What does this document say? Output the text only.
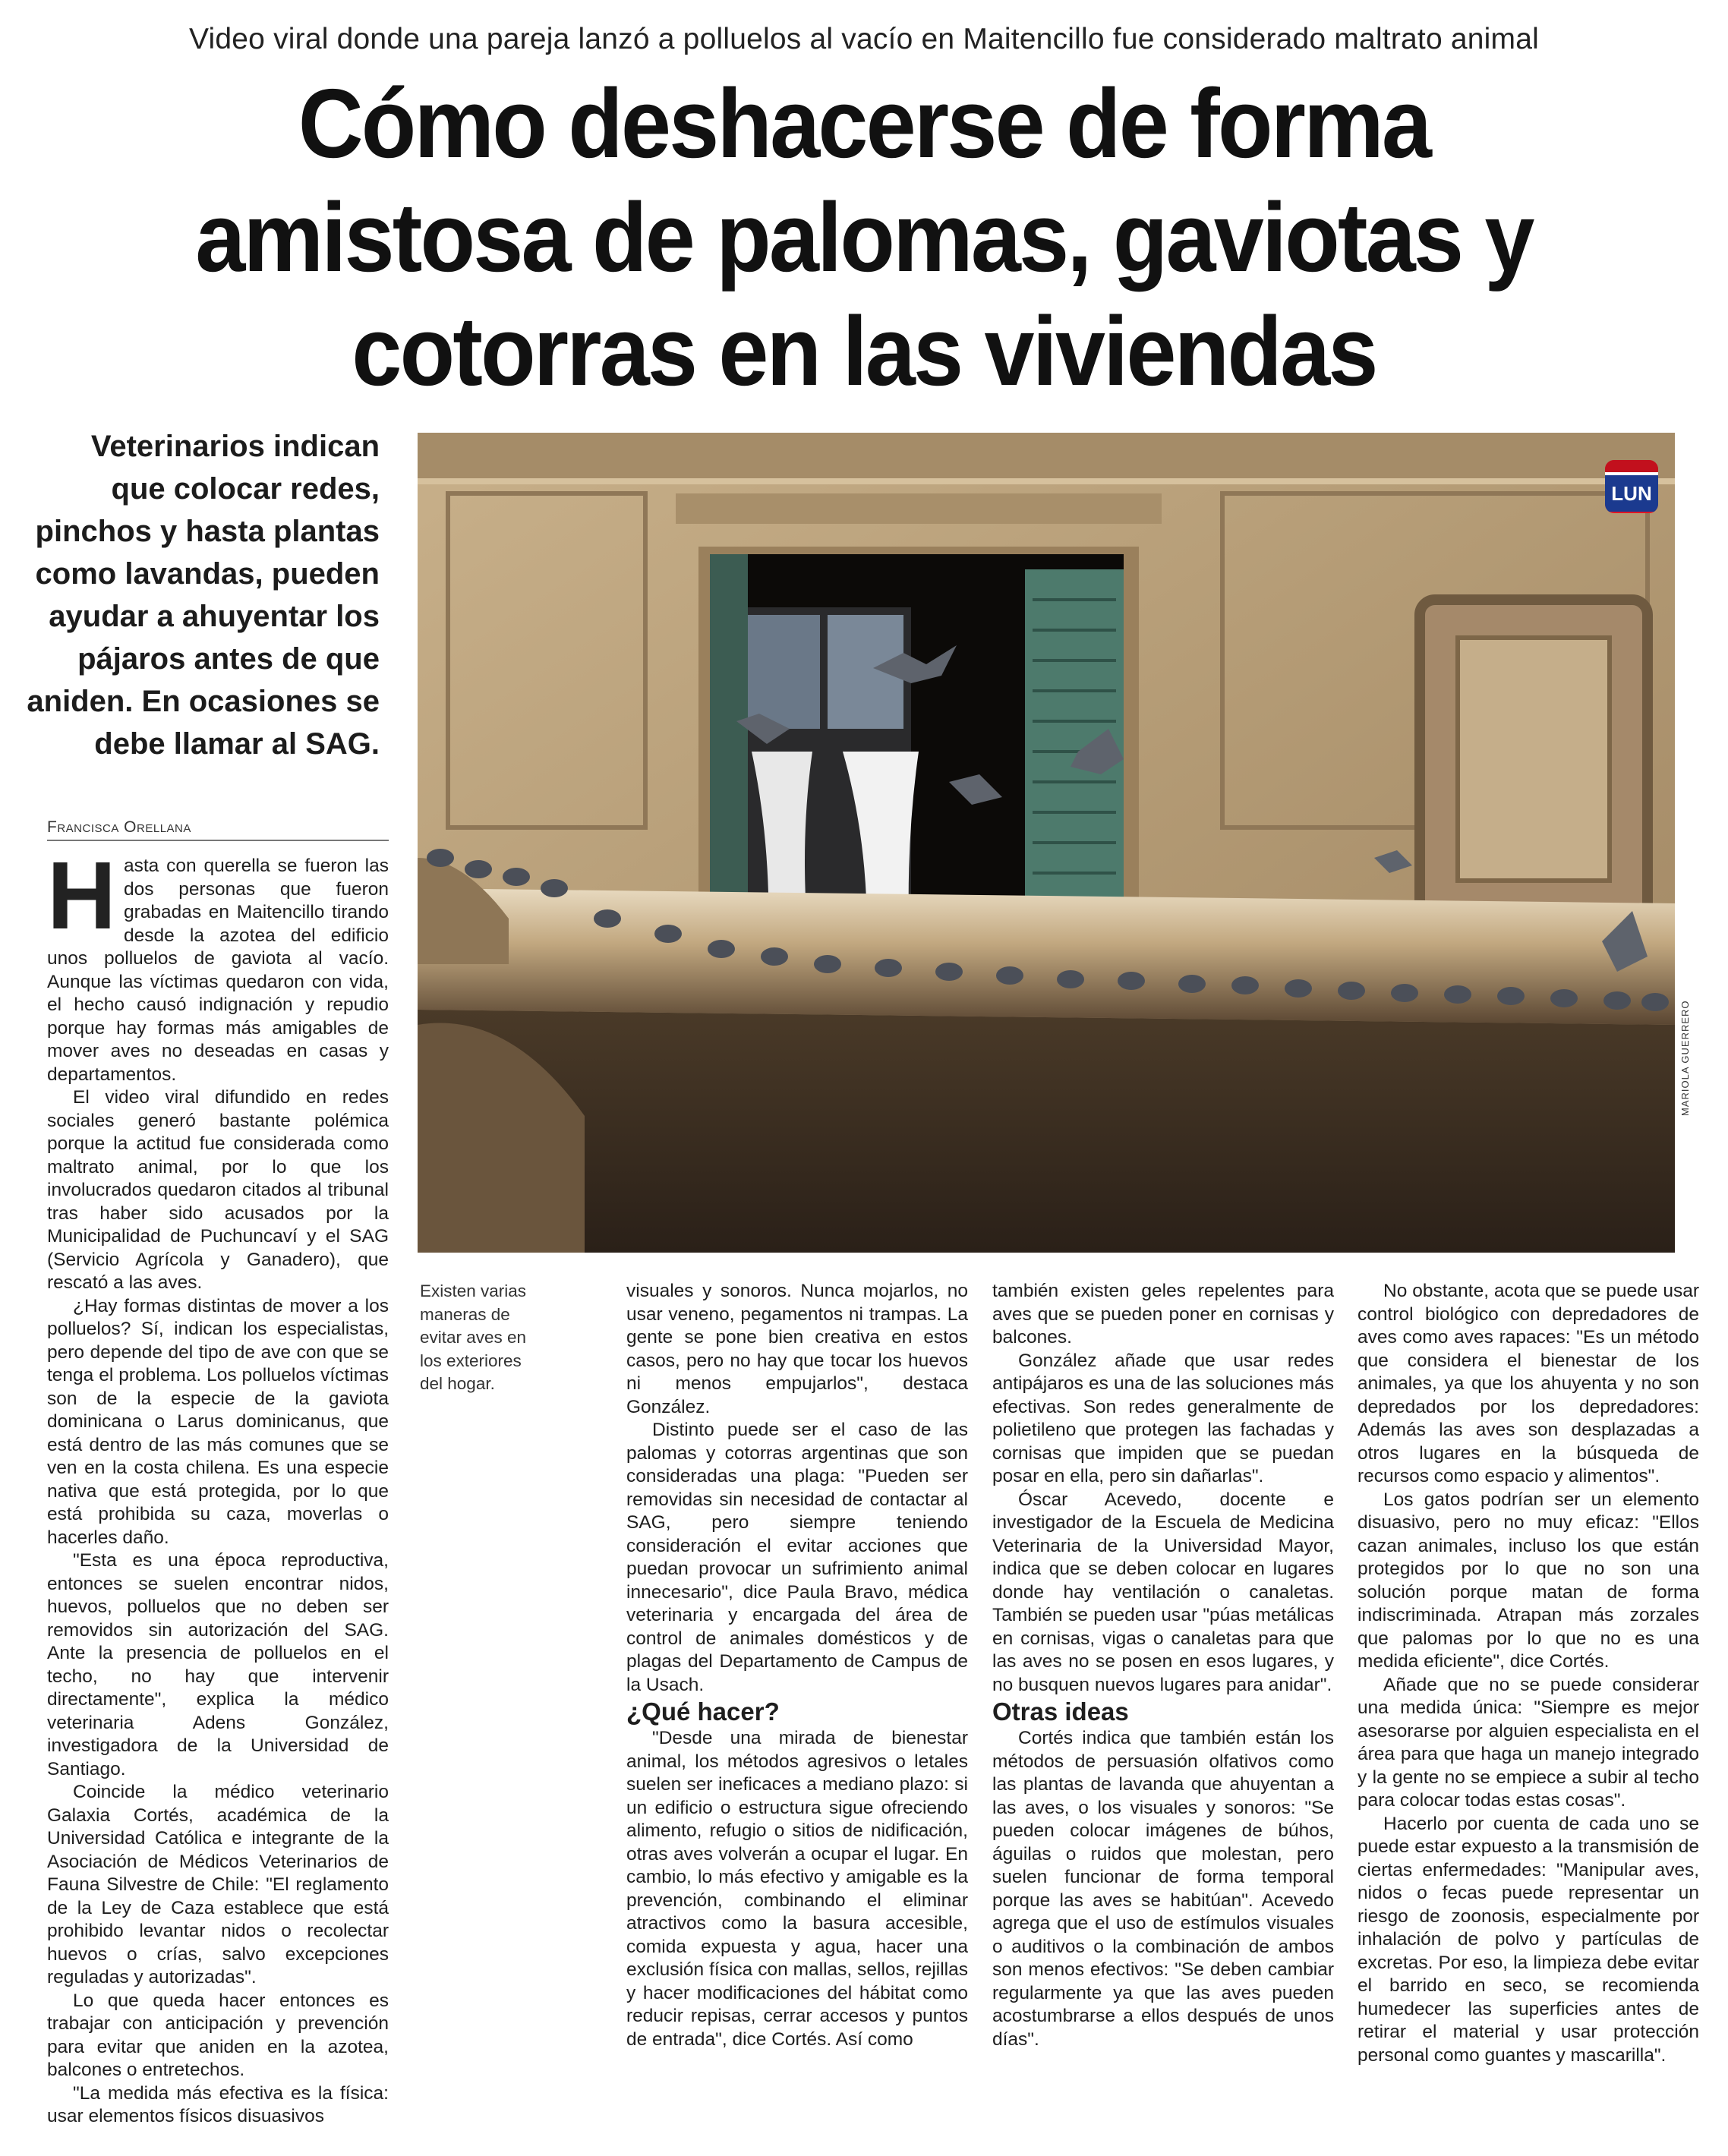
Video viral donde una pareja lanzó a polluelos al vacío en Maitencillo fue considerado maltrato animal
Cómo deshacerse de forma
amistosa de palomas, gaviotas y
cotorras en las viviendas
Veterinarios indican
que colocar redes,
pinchos y hasta plantas
como lavandas, pueden
ayudar a ahuyentar los
pájaros antes de que
aniden. En ocasiones se
debe llamar al SAG.
Francisca Orellana
LUN
MARIOLA GUERRERO
Existen varias maneras de evitar aves en los exteriores del hogar.

Hasta con querella se fueron las dos personas que fueron grabadas en Maitencillo tirando desde la azotea del edificio unos polluelos de gaviota al vacío. Aunque las víctimas quedaron con vida, el hecho causó indignación y repudio porque hay formas más amigables de mover aves no deseadas en casas y departamentos.

El video viral difundido en redes sociales generó bastante polémica porque la actitud fue considerada como maltrato animal, por lo que los involucrados quedaron citados al tribunal tras haber sido acusados por la Municipalidad de Puchuncaví y el SAG (Servicio Agrícola y Ganadero), que rescató a las aves.

¿Hay formas distintas de mover a los polluelos? Sí, indican los especialistas, pero depende del tipo de ave con que se tenga el problema. Los polluelos víctimas son de la especie de la gaviota dominicana o Larus dominicanus, que está dentro de las más comunes que se ven en la costa chilena. Es una especie nativa que está protegida, por lo que está prohibida su caza, moverlas o hacerles daño.

"Esta es una época reproductiva, entonces se suelen encontrar nidos, huevos, polluelos que no deben ser removidos sin autorización del SAG. Ante la presencia de polluelos en el techo, no hay que intervenir directamente", explica la médico veterinaria Adens González, investigadora de la Universidad de Santiago.

Coincide la médico veterinario Galaxia Cortés, académica de la Universidad Católica e integrante de la Asociación de Médicos Veterinarios de Fauna Silvestre de Chile: "El reglamento de la Ley de Caza establece que está prohibido levantar nidos o recolectar huevos o crías, salvo excepciones reguladas y autorizadas".

Lo que queda hacer entonces es trabajar con anticipación y prevención para evitar que aniden en la azotea, balcones o entretechos.

"La medida más efectiva es la física: usar elementos físicos disuasivos

visuales y sonoros. Nunca mojarlos, no usar veneno, pegamentos ni trampas. La gente se pone bien creativa en estos casos, pero no hay que tocar los huevos ni menos empujarlos", destaca González.

Distinto puede ser el caso de las palomas y cotorras argentinas que son consideradas una plaga: "Pueden ser removidas sin necesidad de contactar al SAG, pero siempre teniendo consideración el evitar acciones que puedan provocar un sufrimiento animal innecesario", dice Paula Bravo, médica veterinaria y encargada del área de control de animales domésticos y de plagas del Departamento de Campus de la Usach.

¿Qué hacer?

"Desde una mirada de bienestar animal, los métodos agresivos o letales suelen ser ineficaces a mediano plazo: si un edificio o estructura sigue ofreciendo alimento, refugio o sitios de nidificación, otras aves volverán a ocupar el lugar. En cambio, lo más efectivo y amigable es la prevención, combinando el eliminar atractivos como la basura accesible, comida expuesta y agua, hacer una exclusión física con mallas, sellos, rejillas y hacer modificaciones del hábitat como reducir repisas, cerrar accesos y puntos de entrada", dice Cortés. Así como

también existen geles repelentes para aves que se pueden poner en cornisas y balcones.

González añade que usar redes antipájaros es una de las soluciones más efectivas. Son redes generalmente de polietileno que protegen las fachadas y cornisas que impiden que se puedan posar en ella, pero sin dañarlas".

Óscar Acevedo, docente e investigador de la Escuela de Medicina Veterinaria de la Universidad Mayor, indica que se deben colocar en lugares donde hay ventilación o canaletas. También se pueden usar "púas metálicas en cornisas, vigas o canaletas para que las aves no se posen en esos lugares, y no busquen nuevos lugares para anidar".

Otras ideas

Cortés indica que también están los métodos de persuasión olfativos como las plantas de lavanda que ahuyentan a las aves, o los visuales y sonoros: "Se pueden colocar imágenes de búhos, águilas o ruidos que molestan, pero suelen funcionar de forma temporal porque las aves se habitúan". Acevedo agrega que el uso de estímulos visuales o auditivos o la combinación de ambos son menos efectivos: "Se deben cambiar regularmente ya que las aves pueden acostumbrarse a ellos después de unos días".

No obstante, acota que se puede usar control biológico con depredadores de aves como aves rapaces: "Es un método que considera el bienestar de los animales, ya que los ahuyenta y no son depredados por los depredadores: Además las aves son desplazadas a otros lugares en la búsqueda de recursos como espacio y alimentos".

Los gatos podrían ser un elemento disuasivo, pero no muy eficaz: "Ellos cazan animales, incluso los que están protegidos por lo que no son una solución porque matan de forma indiscriminada. Atrapan más zorzales que palomas por lo que no es una medida eficiente", dice Cortés.

Añade que no se puede considerar una medida única: "Siempre es mejor asesorarse por alguien especialista en el área para que haga un manejo integrado y la gente no se empiece a subir al techo para colocar todas estas cosas".

Hacerlo por cuenta de cada uno se puede estar expuesto a la transmisión de ciertas enfermedades: "Manipular aves, nidos o fecas puede representar un riesgo de zoonosis, especialmente por inhalación de polvo y partículas de excretas. Por eso, la limpieza debe evitar el barrido en seco, se recomienda humedecer las superficies antes de retirar el material y usar protección personal como guantes y mascarilla".
